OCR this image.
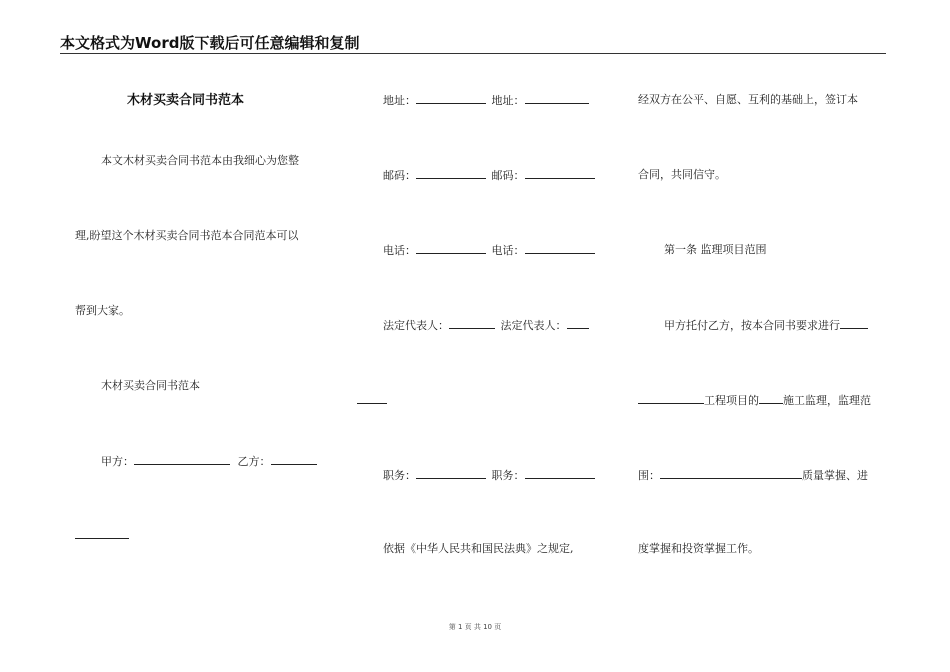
本文格式为Word版下载后可任意编辑和复制
木材买卖合同书范本
本文木材买卖合同书范本由我细心为您整
理,盼望这个木材买卖合同书范本合同范本可以
帮到大家。
木材买卖合同书范本
甲方：	乙方：
地址：	地址：
邮码：	邮码：
电话：	电话：
法定代表人：	法定代表人：
职务：	职务：
依据《中华人民共和国民法典》之规定,
经双方在公平、自愿、互利的基础上，签订本
合同，共同信守。
第一条 监理项目范围
甲方托付乙方，按本合同书要求进行
工程项目的 施工监理，监理范
围：	质量掌握、进
度掌握和投资掌握工作。
第 1 页 共 10 页
